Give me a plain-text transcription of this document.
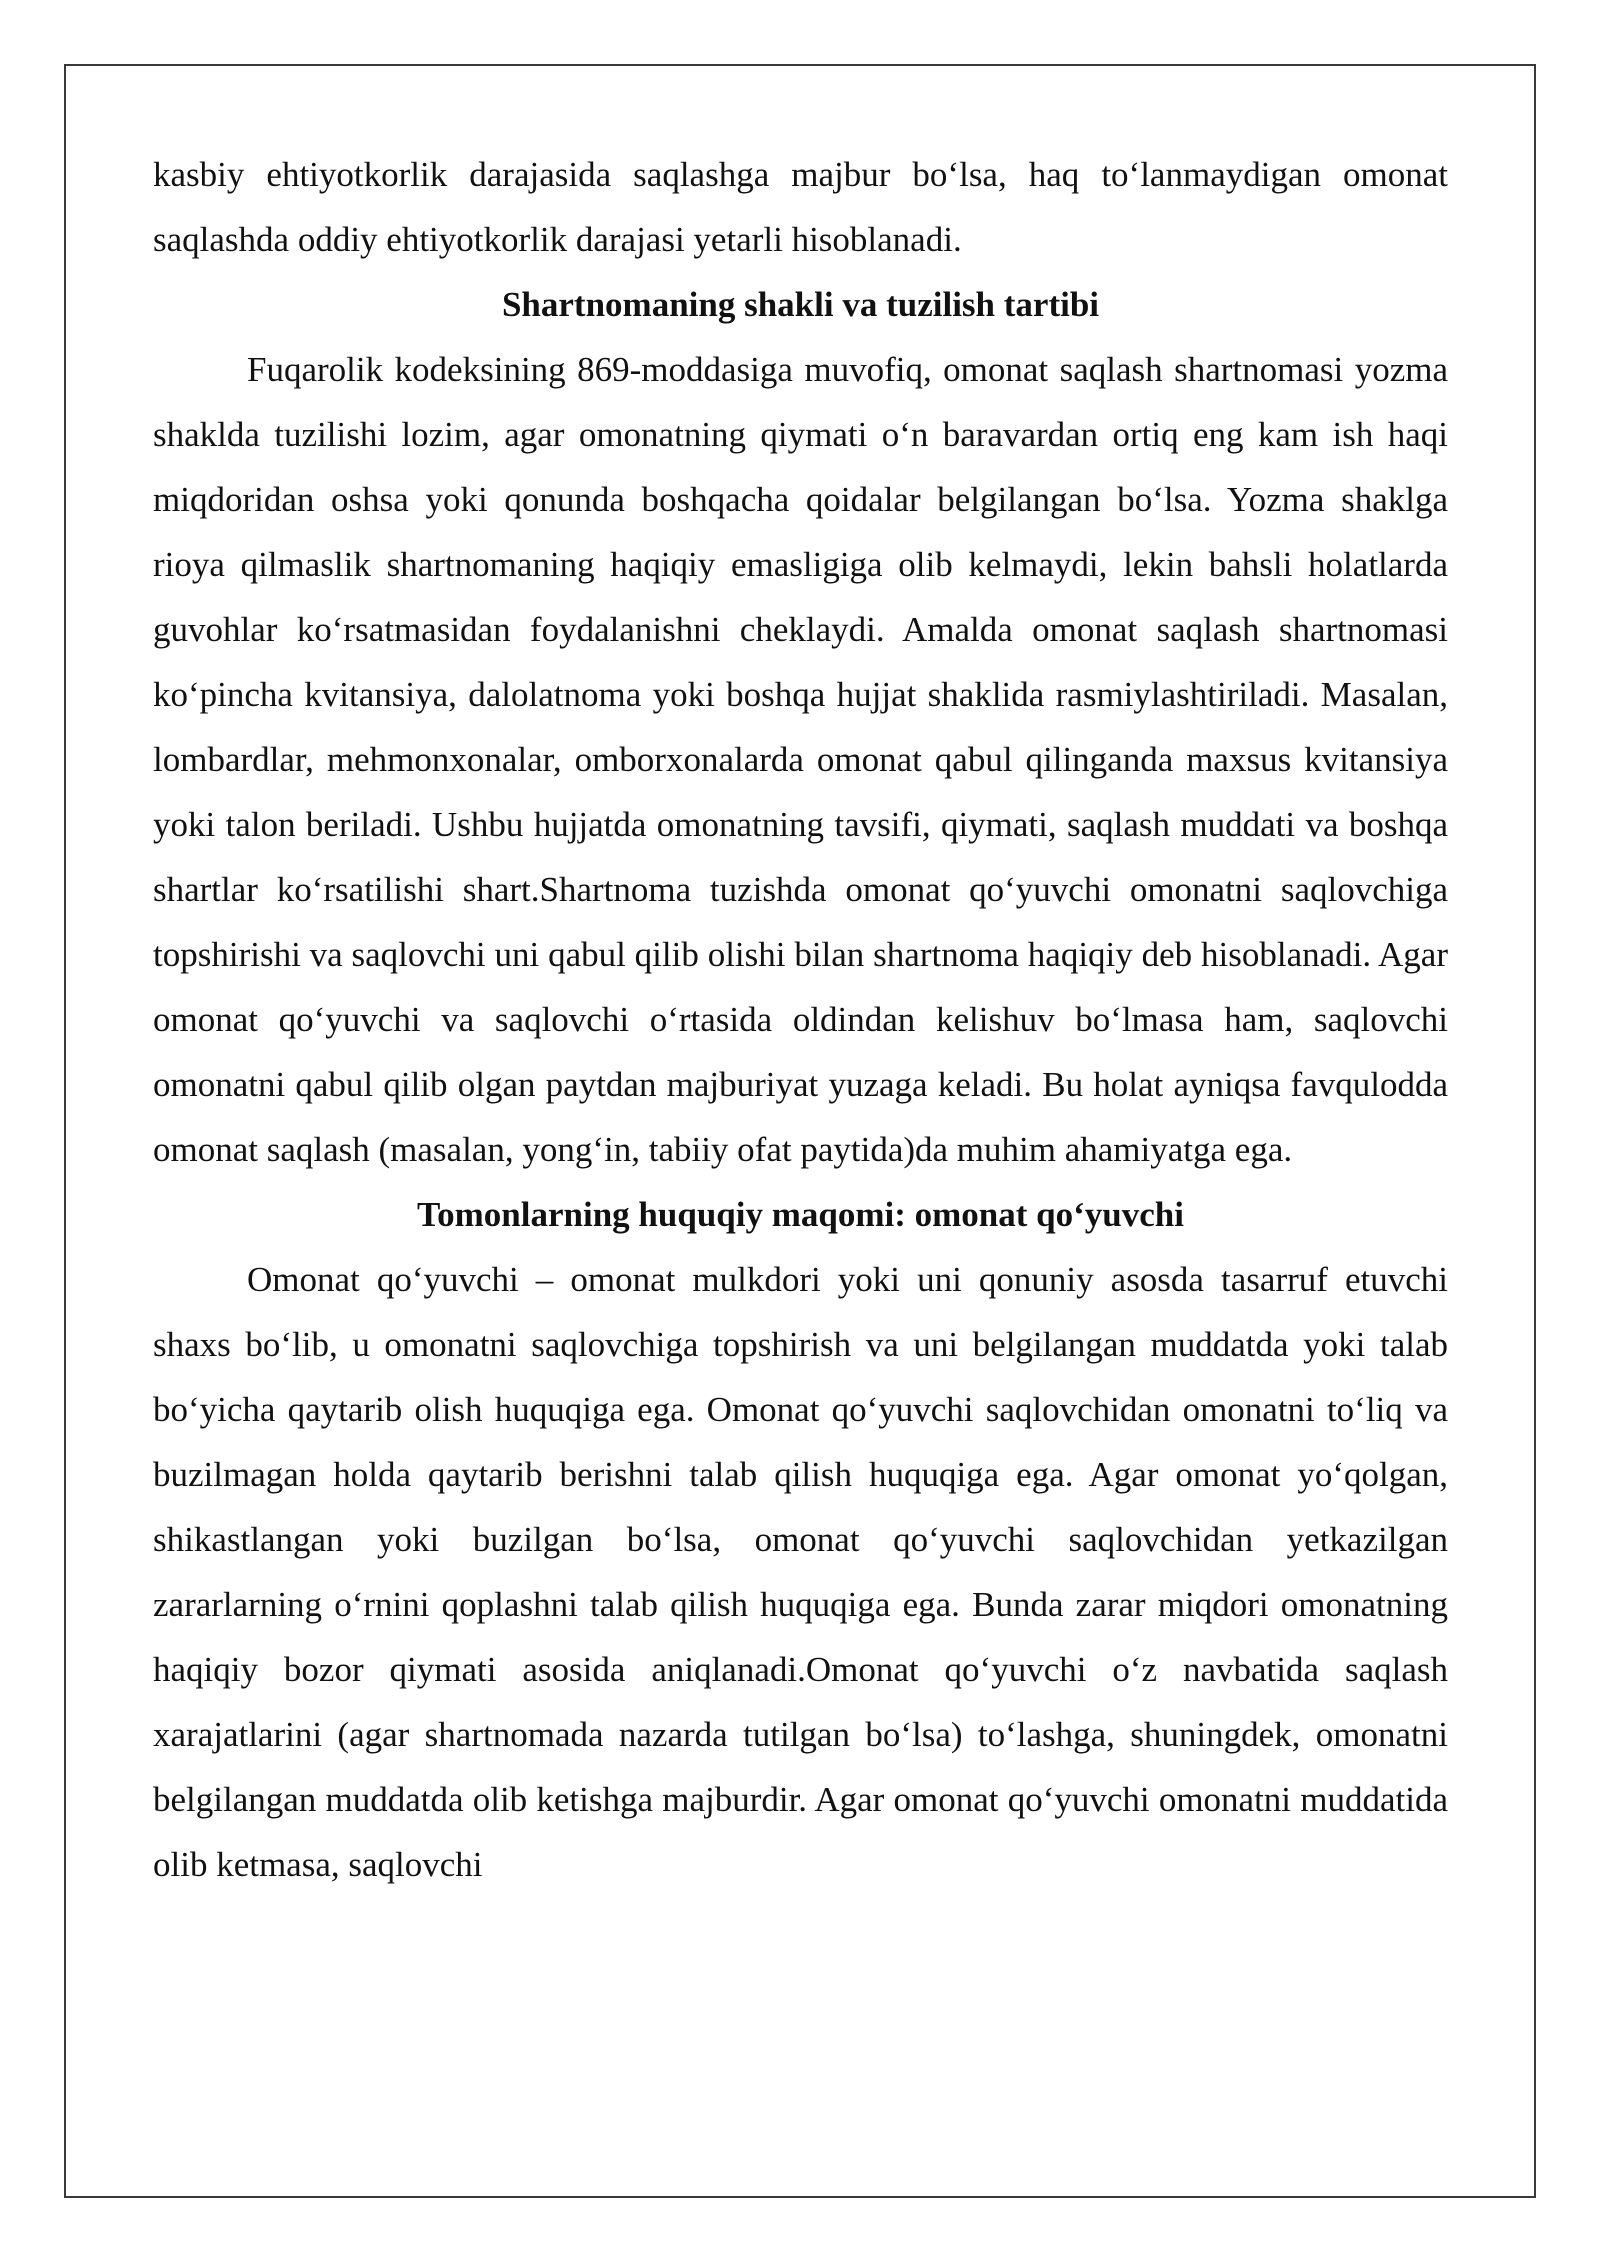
kasbiy ehtiyotkorlik darajasida saqlashga majbur bo‘lsa, haq to‘lanmaydigan omonat saqlashda oddiy ehtiyotkorlik darajasi yetarli hisoblanadi.

Shartnomaning shakli va tuzilish tartibi

Fuqarolik kodeksining 869-moddasiga muvofiq, omonat saqlash shartnomasi yozma shaklda tuzilishi lozim, agar omonatning qiymati o‘n baravardan ortiq eng kam ish haqi miqdoridan oshsa yoki qonunda boshqacha qoidalar belgilangan bo‘lsa. Yozma shaklga rioya qilmaslik shartnomaning haqiqiy emasligiga olib kelmaydi, lekin bahsli holatlarda guvohlar ko‘rsatmasidan foydalanishni cheklaydi. Amalda omonat saqlash shartnomasi ko‘pincha kvitansiya, dalolatnoma yoki boshqa hujjat shaklida rasmiylashtiriladi. Masalan, lombardlar, mehmonxonalar, omborxonalarda omonat qabul qilinganda maxsus kvitansiya yoki talon beriladi. Ushbu hujjatda omonatning tavsifi, qiymati, saqlash muddati va boshqa shartlar ko‘rsatilishi shart.Shartnoma tuzishda omonat qo‘yuvchi omonatni saqlovchiga topshirishi va saqlovchi uni qabul qilib olishi bilan shartnoma haqiqiy deb hisoblanadi. Agar omonat qo‘yuvchi va saqlovchi o‘rtasida oldindan kelishuv bo‘lmasa ham, saqlovchi omonatni qabul qilib olgan paytdan majburiyat yuzaga keladi. Bu holat ayniqsa favqulodda omonat saqlash (masalan, yong‘in, tabiiy ofat paytida)da muhim ahamiyatga ega.

Tomonlarning huquqiy maqomi: omonat qo‘yuvchi

Omonat qo‘yuvchi – omonat mulkdori yoki uni qonuniy asosda tasarruf etuvchi shaxs bo‘lib, u omonatni saqlovchiga topshirish va uni belgilangan muddatda yoki talab bo‘yicha qaytarib olish huquqiga ega. Omonat qo‘yuvchi saqlovchidan omonatni to‘liq va buzilmagan holda qaytarib berishni talab qilish huquqiga ega. Agar omonat yo‘qolgan, shikastlangan yoki buzilgan bo‘lsa, omonat qo‘yuvchi saqlovchidan yetkazilgan zararlarning o‘rnini qoplashni talab qilish huquqiga ega. Bunda zarar miqdori omonatning haqiqiy bozor qiymati asosida aniqlanadi.Omonat qo‘yuvchi o‘z navbatida saqlash xarajatlarini (agar shartnomada nazarda tutilgan bo‘lsa) to‘lashga, shuningdek, omonatni belgilangan muddatda olib ketishga majburdir. Agar omonat qo‘yuvchi omonatni muddatida olib ketmasa, saqlovchi
